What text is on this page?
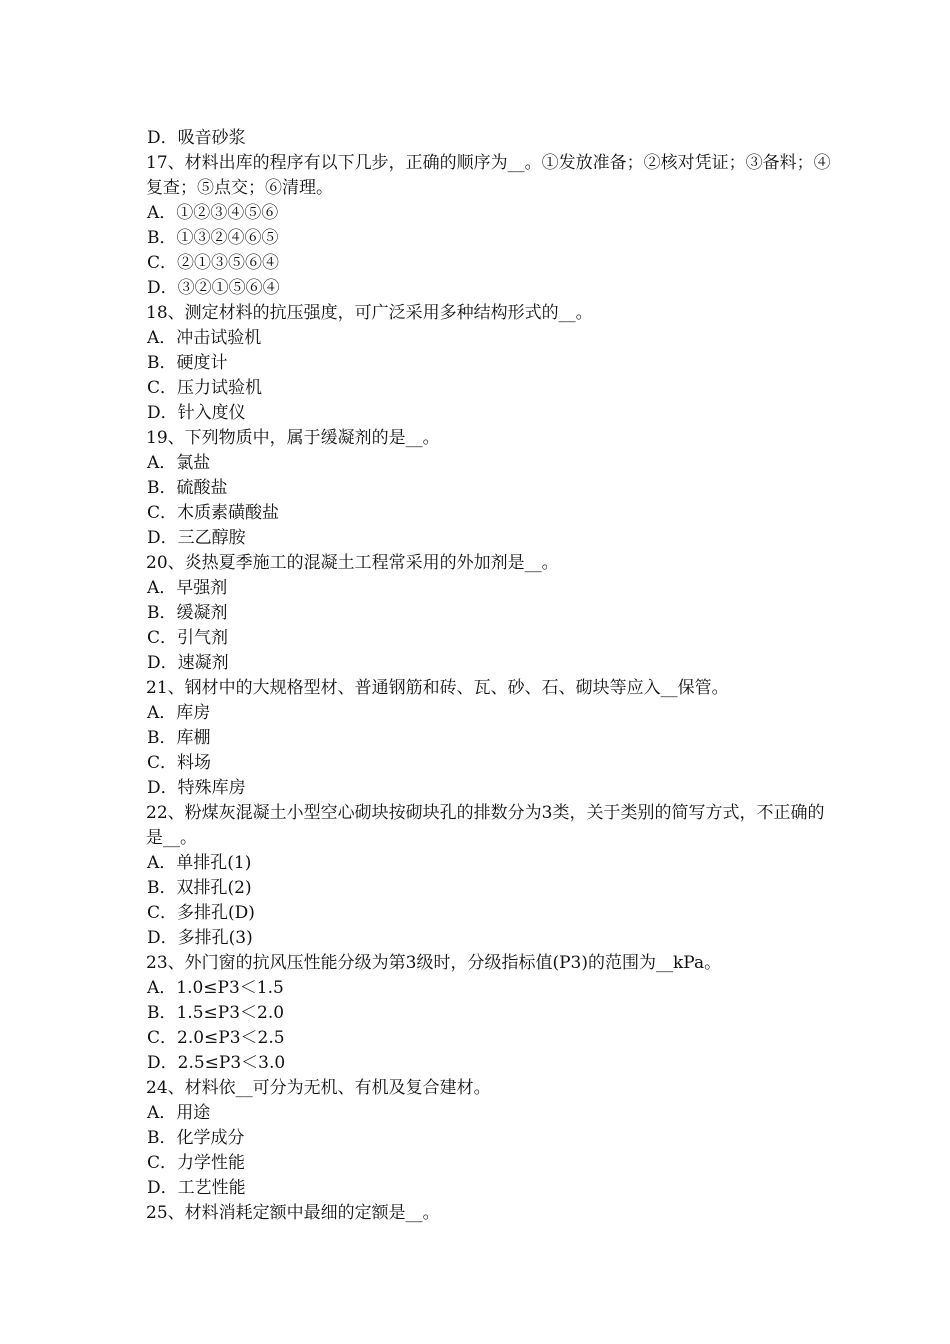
D．吸音砂浆
17、材料出库的程序有以下几步，正确的顺序为__。①发放准备；②核对凭证；③备料；④复查；⑤点交；⑥清理。
A．①②③④⑤⑥
B．①③②④⑥⑤
C．②①③⑤⑥④
D．③②①⑤⑥④
18、测定材料的抗压强度，可广泛采用多种结构形式的__。
A．冲击试验机
B．硬度计
C．压力试验机
D．针入度仪
19、下列物质中，属于缓凝剂的是__。
A．氯盐
B．硫酸盐
C．木质素磺酸盐
D．三乙醇胺
20、炎热夏季施工的混凝土工程常采用的外加剂是__。
A．早强剂
B．缓凝剂
C．引气剂
D．速凝剂
21、钢材中的大规格型材、普通钢筋和砖、瓦、砂、石、砌块等应入__保管。
A．库房
B．库棚
C．料场
D．特殊库房
22、粉煤灰混凝土小型空心砌块按砌块孔的排数分为3类，关于类别的简写方式，不正确的是__。
A．单排孔(1)
B．双排孔(2)
C．多排孔(D)
D．多排孔(3)
23、外门窗的抗风压性能分级为第3级时，分级指标值(P3)的范围为__kPa。
A．1.0≤P3＜1.5
B．1.5≤P3＜2.0
C．2.0≤P3＜2.5
D．2.5≤P3＜3.0
24、材料依__可分为无机、有机及复合建材。
A．用途
B．化学成分
C．力学性能
D．工艺性能
25、材料消耗定额中最细的定额是__。
